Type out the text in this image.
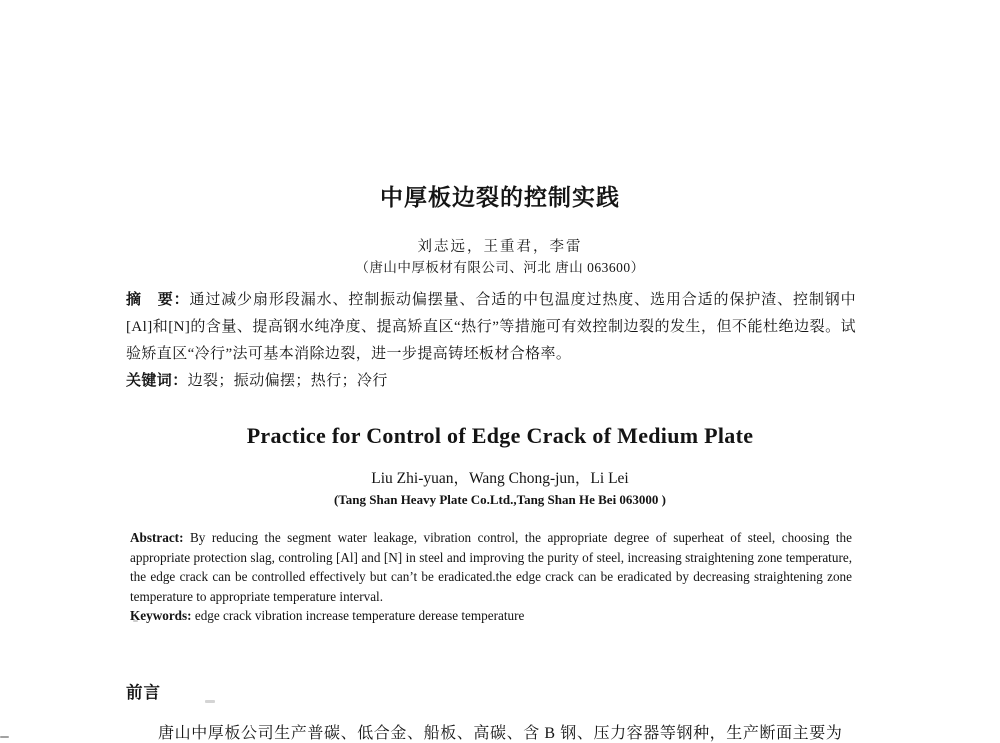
中厚板边裂的控制实践
刘志远，王重君，李雷
（唐山中厚板材有限公司、河北 唐山 063600）

摘　要：通过减少扇形段漏水、控制振动偏摆量、合适的中包温度过热度、选用合适的保护渣、控制钢中[Al]和[N]的含量、提高钢水纯净度、提高矫直区“热行”等措施可有效控制边裂的发生，但不能杜绝边裂。试验矫直区“冷行”法可基本消除边裂，进一步提高铸坯板材合格率。

关键词：边裂；振动偏摆；热行；冷行

Practice for Control of Edge Crack of Medium Plate
Liu Zhi-yuan，Wang Chong-jun，Li Lei
(Tang Shan Heavy Plate Co.Ltd.,Tang Shan He Bei 063000 )

Abstract: By reducing the segment water leakage, vibration control, the appropriate degree of superheat of steel, choosing the appropriate protection slag, controling [Al] and [N] in steel and improving the purity of steel, increasing straightening zone temperature, the edge crack can be controlled effectively but can’t be eradicated.the edge crack can be eradicated by decreasing straightening zone temperature to appropriate temperature interval.

Keywords: edge crack vibration increase temperature derease temperature

前言

唐山中厚板公司生产普碳、低合金、船板、高碳、含 B 钢、压力容器等钢种，生产断面主要为
